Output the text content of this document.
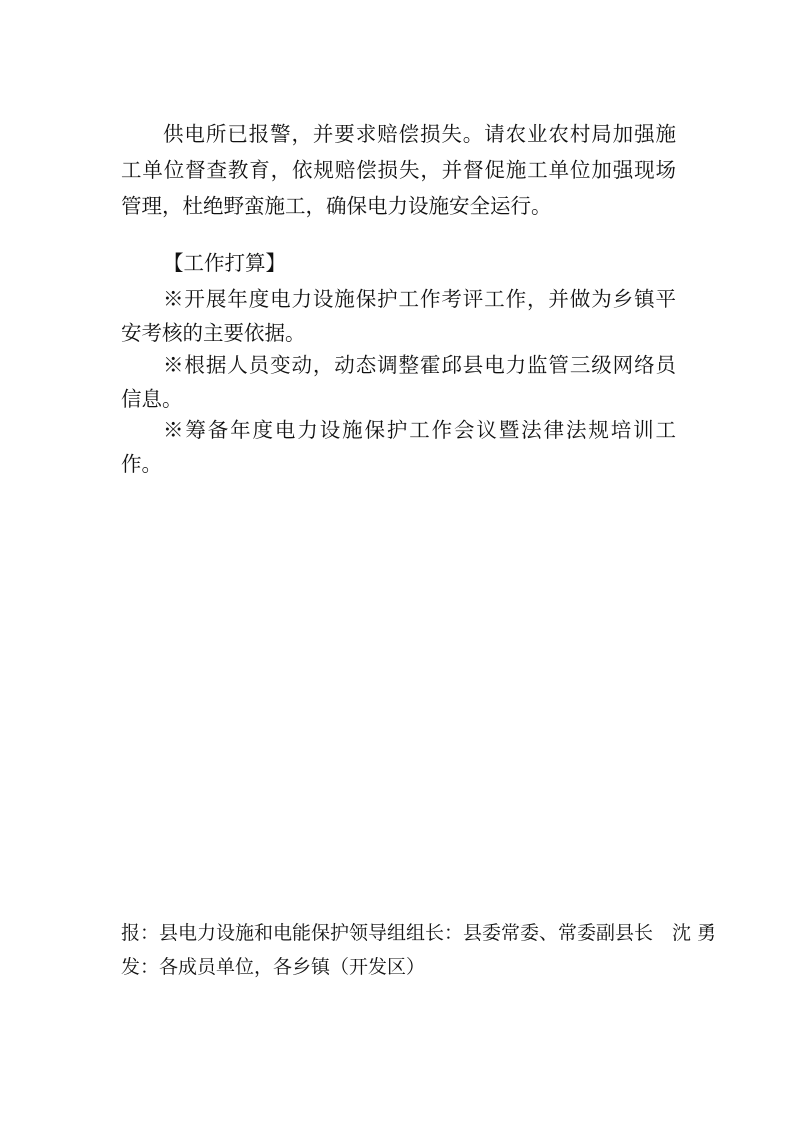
供电所已报警，并要求赔偿损失。请农业农村局加强施
工单位督查教育，依规赔偿损失，并督促施工单位加强现场
管理，杜绝野蛮施工，确保电力设施安全运行。
【工作打算】
※开展年度电力设施保护工作考评工作，并做为乡镇平
安考核的主要依据。
※根据人员变动，动态调整霍邱县电力监管三级网络员
信息。
※筹备年度电力设施保护工作会议暨法律法规培训工
作。
报：县电力设施和电能保护领导组组长：县委常委、常委副县长　沈 勇
发：各成员单位，各乡镇（开发区）
